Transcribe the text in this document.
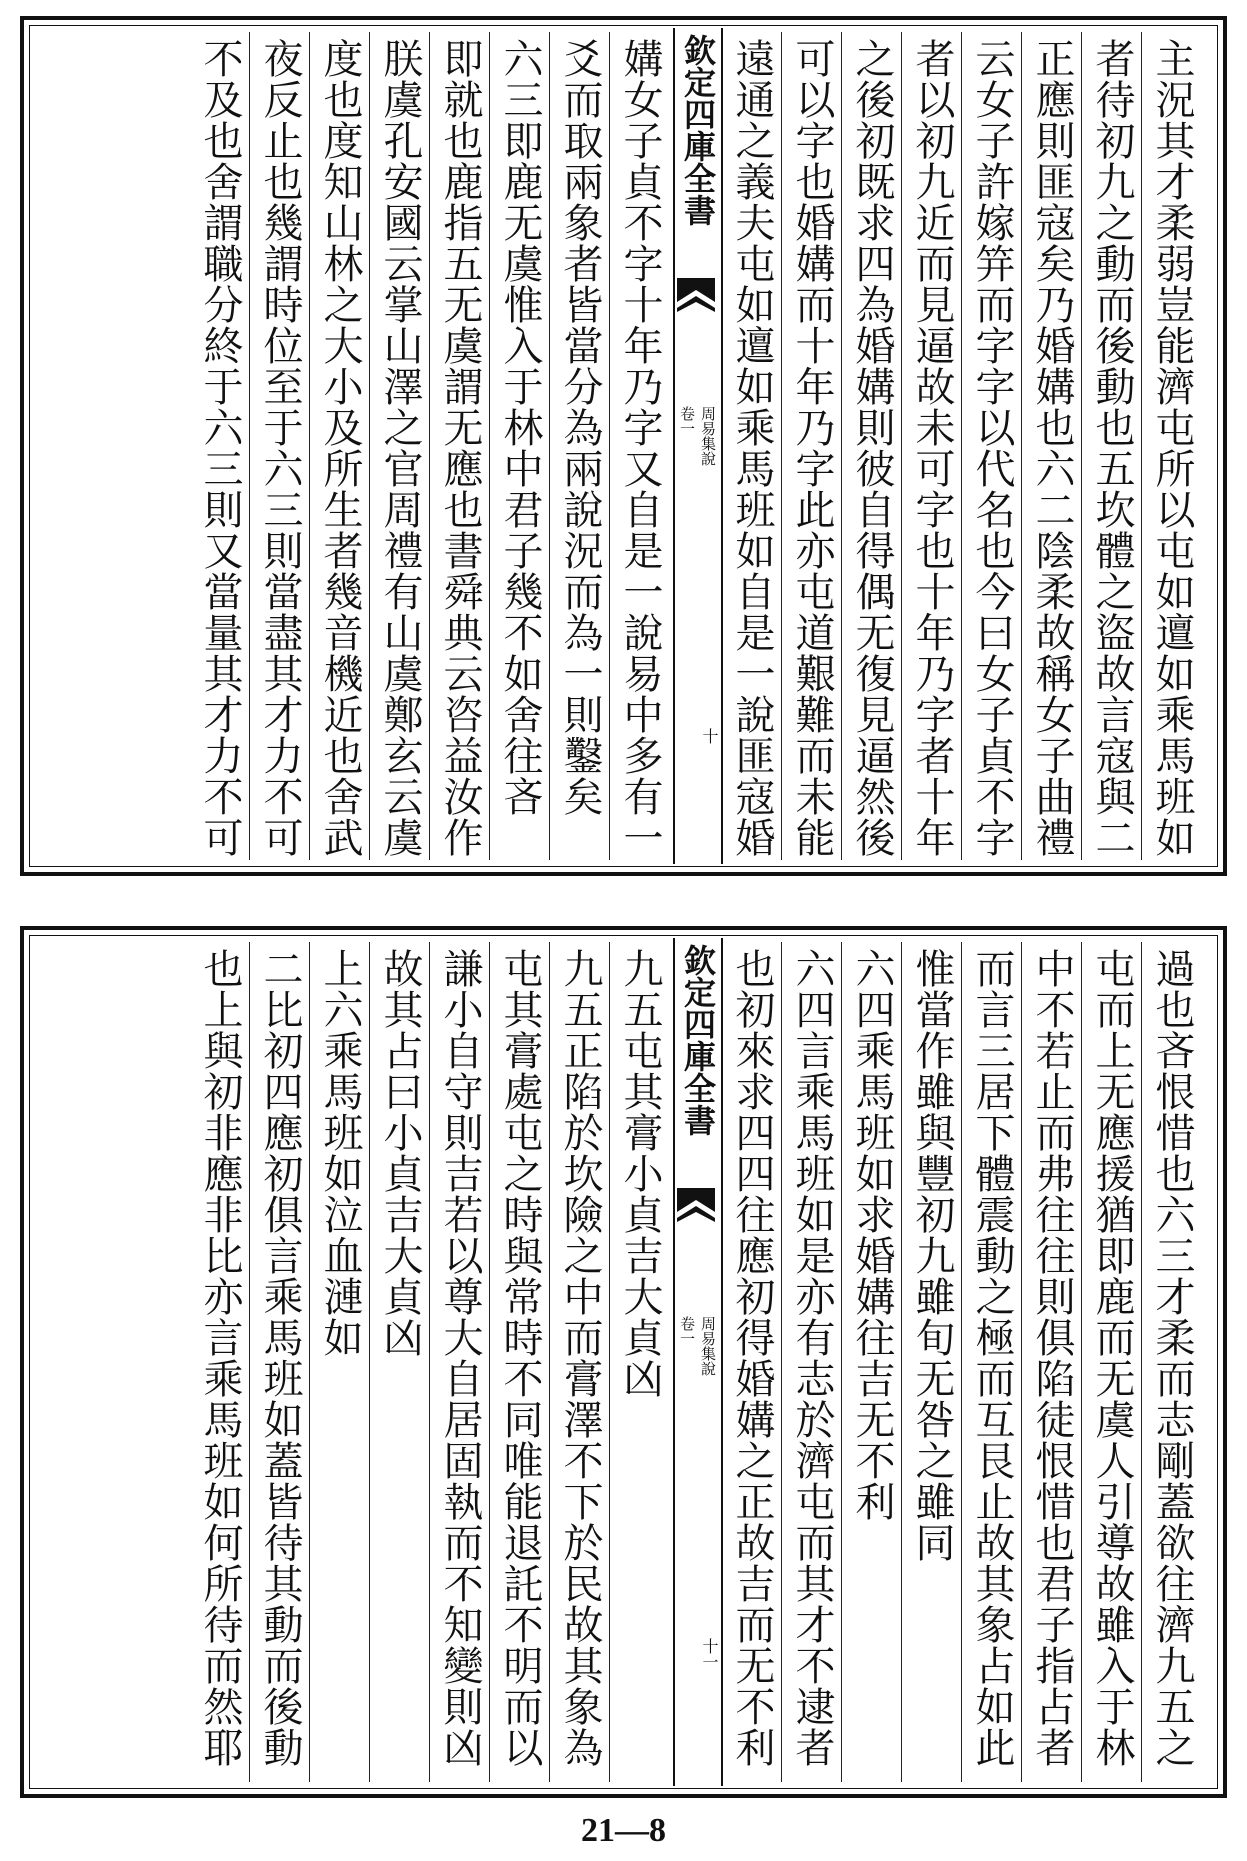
主況其才柔弱豈能濟屯所以屯如邅如乘馬班如
者待初九之動而後動也五坎體之盜故言寇與二
正應則匪寇矣乃婚媾也六二陰柔故稱女子曲禮
云女子許嫁笄而字字以代名也今曰女子貞不字
者以初九近而見逼故未可字也十年乃字者十年
之後初既求四為婚媾則彼自得偶无復見逼然後
可以字也婚媾而十年乃字此亦屯道艱難而未能
遠通之義夫屯如邅如乘馬班如自是一說匪寇婚
欽定四庫全書
周易集說
卷一
十
媾女子貞不字十年乃字又自是一說易中多有一
爻而取兩象者皆當分為兩說況而為一則鑿矣
六三即鹿无虞惟入于林中君子幾不如舍往吝
即就也鹿指五无虞謂无應也書舜典云咨益汝作
朕虞孔安國云掌山澤之官周禮有山虞鄭玄云虞
度也度知山林之大小及所生者幾音機近也舍武
夜反止也幾謂時位至于六三則當盡其才力不可
不及也舍謂職分終于六三則又當量其才力不可
過也吝恨惜也六三才柔而志剛蓋欲往濟九五之
屯而上无應援猶即鹿而无虞人引導故雖入于林
中不若止而弗往往則俱陷徒恨惜也君子指占者
而言三居下體震動之極而互艮止故其象占如此
惟當作雖與豐初九雖旬无咎之雖同
六四乘馬班如求婚媾往吉无不利
六四言乘馬班如是亦有志於濟屯而其才不逮者
也初來求四四往應初得婚媾之正故吉而无不利
欽定四庫全書
周易集說
卷一
十一
九五屯其膏小貞吉大貞凶
九五正陷於坎險之中而膏澤不下於民故其象為
屯其膏處屯之時與常時不同唯能退託不明而以
謙小自守則吉若以尊大自居固執而不知變則凶
故其占曰小貞吉大貞凶
上六乘馬班如泣血漣如
二比初四應初俱言乘馬班如蓋皆待其動而後動
也上與初非應非比亦言乘馬班如何所待而然耶
21—8
